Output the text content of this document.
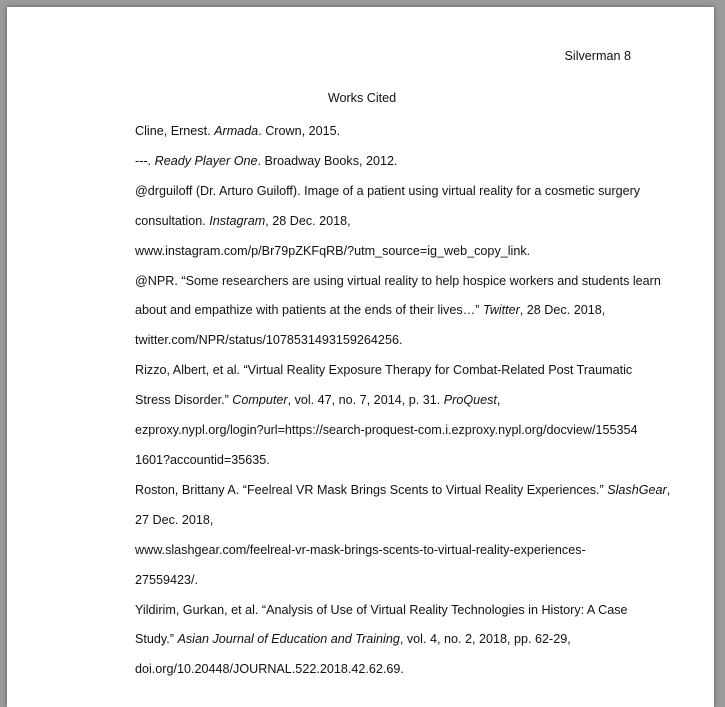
Silverman 8

Works Cited

Cline, Ernest. Armada. Crown, 2015.

---. Ready Player One. Broadway Books, 2012.

@drguiloff (Dr. Arturo Guiloff). Image of a patient using virtual reality for a cosmetic surgery
consultation. Instagram, 28 Dec. 2018,
www.instagram.com/p/Br79pZKFqRB/?utm_source=ig_web_copy_link.

@NPR. “Some researchers are using virtual reality to help hospice workers and students learn
about and empathize with patients at the ends of their lives…” Twitter, 28 Dec. 2018,
twitter.com/NPR/status/1078531493159264256.

Rizzo, Albert, et al. “Virtual Reality Exposure Therapy for Combat-Related Post Traumatic
Stress Disorder.” Computer, vol. 47, no. 7, 2014, p. 31. ProQuest,
ezproxy.nypl.org/login?url=https://search-proquest-com.i.ezproxy.nypl.org/docview/155354
1601?accountid=35635.

Roston, Brittany A. “Feelreal VR Mask Brings Scents to Virtual Reality Experiences.” SlashGear,
27 Dec. 2018,
www.slashgear.com/feelreal-vr-mask-brings-scents-to-virtual-reality-experiences-
27559423/.

Yildirim, Gurkan, et al. “Analysis of Use of Virtual Reality Technologies in History: A Case
Study.” Asian Journal of Education and Training, vol. 4, no. 2, 2018, pp. 62-29,
doi.org/10.20448/JOURNAL.522.2018.42.62.69.
